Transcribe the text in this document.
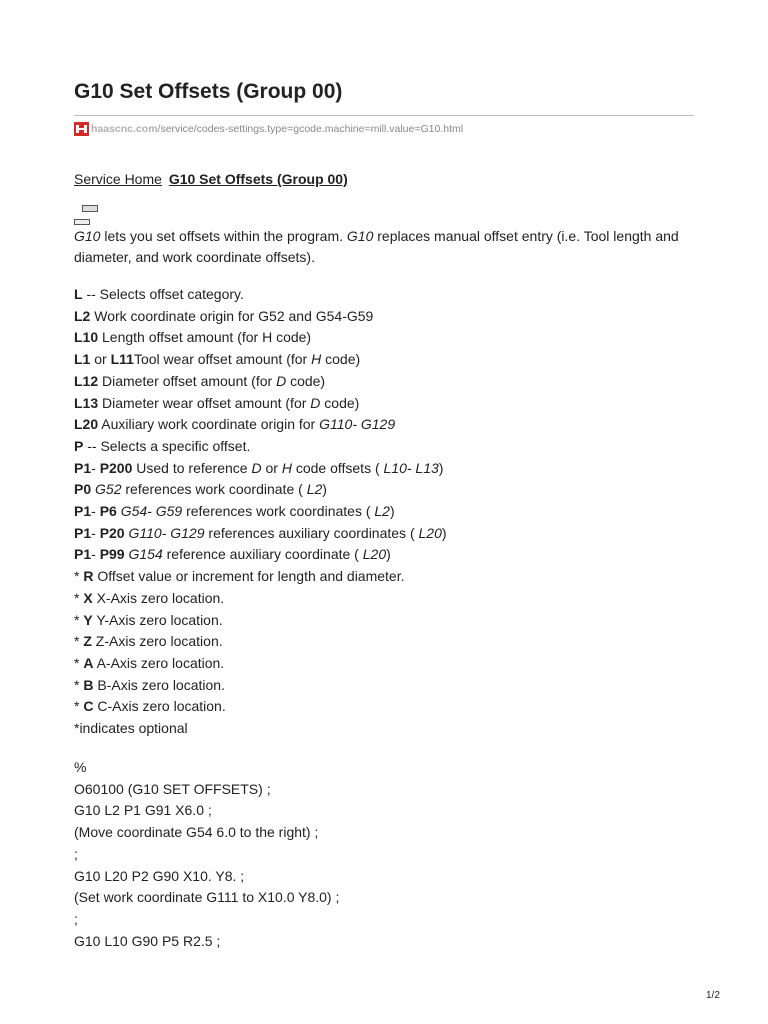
G10 Set Offsets (Group 00)
haascnc.com /service/codes-settings.type=gcode.machine=mill.value=G10.html
Service Home G10 Set Offsets (Group 00)

G10 lets you set offsets within the program. G10 replaces manual offset entry (i.e. Tool length and diameter, and work coordinate offsets).

L -- Selects offset category.
L2 Work coordinate origin for G52 and G54-G59
L10 Length offset amount (for H code)
L1 or L11Tool wear offset amount (for H code)
L12 Diameter offset amount (for D code)
L13 Diameter wear offset amount (for D code)
L20 Auxiliary work coordinate origin for G110- G129
P -- Selects a specific offset.
P1- P200 Used to reference D or H code offsets ( L10- L13)
P0 G52 references work coordinate ( L2)
P1- P6 G54- G59 references work coordinates ( L2)
P1- P20 G110- G129 references auxiliary coordinates ( L20)
P1- P99 G154 reference auxiliary coordinate ( L20)
* R Offset value or increment for length and diameter.
* X X-Axis zero location.
* Y Y-Axis zero location.
* Z Z-Axis zero location.
* A A-Axis zero location.
* B B-Axis zero location.
* C C-Axis zero location.
*indicates optional
%
O60100 (G10 SET OFFSETS) ;
G10 L2 P1 G91 X6.0 ;
(Move coordinate G54 6.0 to the right) ;
;
G10 L20 P2 G90 X10. Y8. ;
(Set work coordinate G111 to X10.0 Y8.0) ;
;
G10 L10 G90 P5 R2.5 ;
1/2
